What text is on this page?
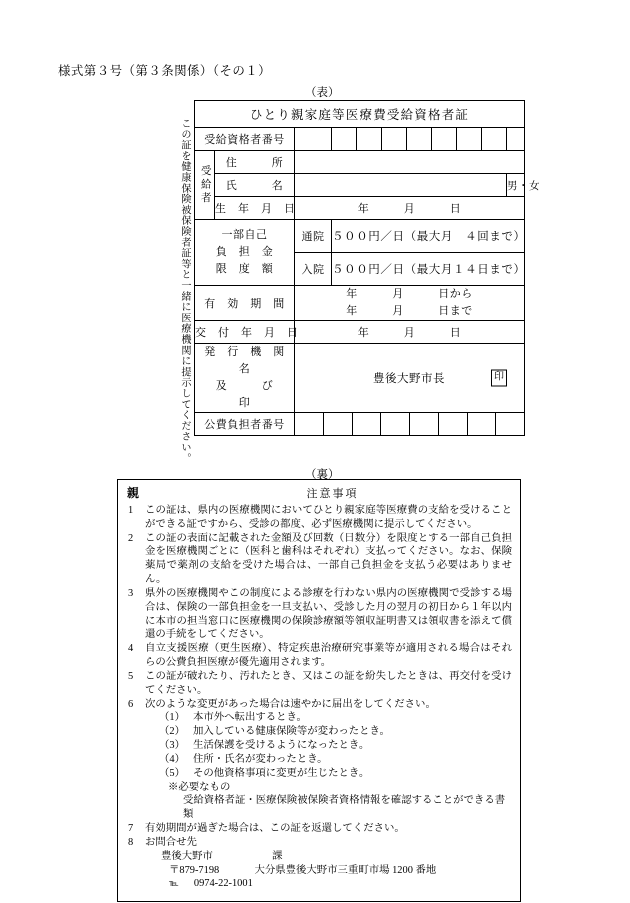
様式第３号（第３条関係）（その１）
（表）
この証を健康保険被保険者証等と一緒に医療機関に提示してください。
ひとり親家庭等医療費受給資格者証										
受給資格者番号										
受給者	住　　　所									
	氏　　　名									男・女
	生　年　月　日	年　　　月　　　日								

一部自己
負　担　金
限　度　額		通院	５００円／日（最大月　４回まで）							
		入院	５００円／日（最大月１４日まで）							

有　効　期　間		年　　　月　　　日から
年　　　月　　　日まで								

交　付　年　月　日		年　　　月　　　日								

発　行　機　関　名
及　　　び　　　印		豊後大野市長 印								

公費負担者番号										
（裏）
親	注意事項
1	この証は、県内の医療機関においてひとり親家庭等医療費の支給を受けることができる証ですから、受診の都度、必ず医療機関に提示してください。
2	この証の表面に記載された金額及び回数（日数分）を限度とする一部自己負担金を医療機関ごとに（医科と歯科はそれぞれ）支払ってください。なお、保険薬局で薬剤の支給を受けた場合は、一部自己負担金を支払う必要はありません。
3	県外の医療機関やこの制度による診療を行わない県内の医療機関で受診する場合は、保険の一部負担金を一旦支払い、受診した月の翌月の初日から１年以内に本市の担当窓口に医療機関の保険診療額等領収証明書又は領収書を添えて償還の手続をしてください。
4	自立支援医療（更生医療）、特定疾患治療研究事業等が適用される場合はそれらの公費負担医療が優先適用されます。
5	この証が破れたり、汚れたとき、又はこの証を紛失したときは、再交付を受けてください。
6	次のような変更があった場合は速やかに届出をしてください。
（1） 本市外へ転出するとき。
（2） 加入している健康保険等が変わったとき。
（3） 生活保護を受けるようになったとき。
（4） 住所・氏名が変わったとき。
（5） その他資格事項に変更が生じたとき。
※必要なもの
受給資格者証・医療保険被保険者資格情報を確認することができる書類
7	有効期間が過ぎた場合は、この証を返還してください。
8	お問合せ先
豊後大野市	課
〒879-7198	大分県豊後大野市三重町市場 1200 番地
℡ 0974-22-1001
